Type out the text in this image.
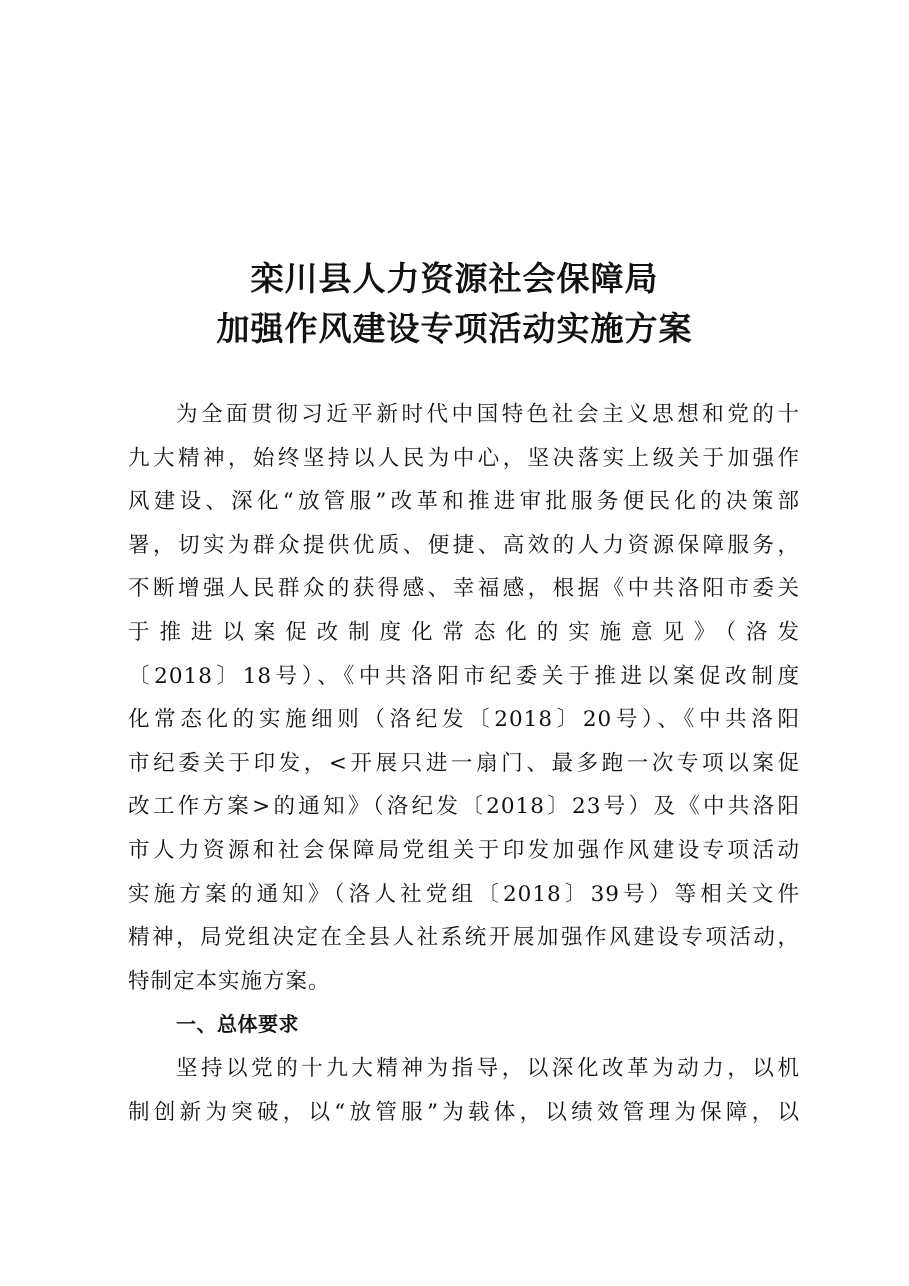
栾川县人力资源社会保障局
加强作风建设专项活动实施方案
为全面贯彻习近平新时代中国特色社会主义思想和党的十
九大精神，始终坚持以人民为中心，坚决落实上级关于加强作
风建设、深化“放管服”改革和推进审批服务便民化的决策部
署，切实为群众提供优质、便捷、高效的人力资源保障服务，
不断增强人民群众的获得感、幸福感，根据《中共洛阳市委关
于推进以案促改制度化常态化的实施意见》（洛发
〔2018〕18号）、《中共洛阳市纪委关于推进以案促改制度
化常态化的实施细则（洛纪发〔2018〕20号）、《中共洛阳
市纪委关于印发，<开展只进一扇门、最多跑一次专项以案促
改工作方案>的通知》（洛纪发〔2018〕23号）及《中共洛阳
市人力资源和社会保障局党组关于印发加强作风建设专项活动
实施方案的通知》（洛人社党组〔2018〕39号）等相关文件
精神，局党组决定在全县人社系统开展加强作风建设专项活动，
特制定本实施方案。
一、总体要求
坚持以党的十九大精神为指导，以深化改革为动力，以机
制创新为突破，以“放管服”为载体，以绩效管理为保障，以
